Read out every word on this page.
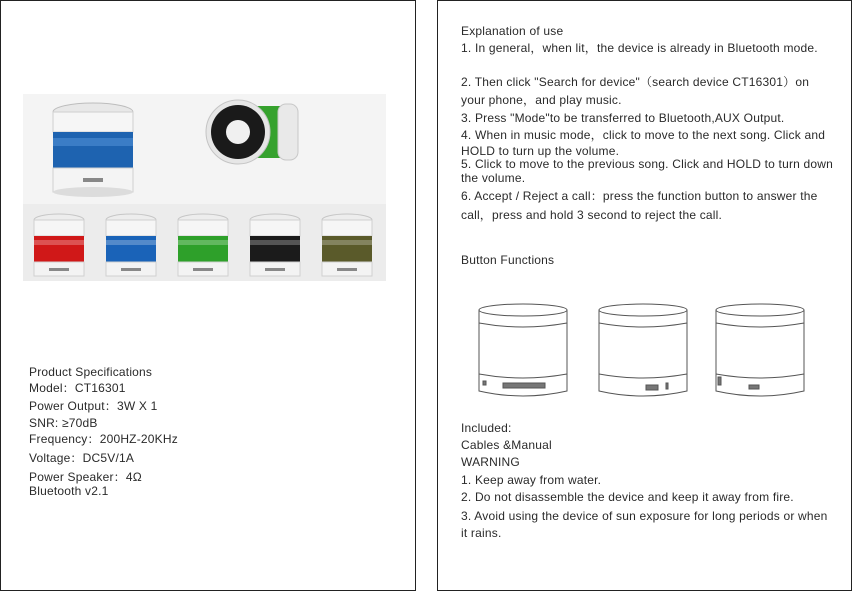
Product Specifications
Model：CT16301
Power Output：3W X 1
SNR: ≥70dB
Frequency：200HZ-20KHz
Voltage：DC5V/1A
Power Speaker：4Ω
Bluetooth v2.1
Explanation of use
1. In general，when lit，the device is already in Bluetooth mode.
2. Then click "Search for device"（search device CT16301）on your phone，and play music.
3. Press "Mode"to be transferred to Bluetooth,AUX Output.
4. When in music mode，click to move to the next song. Click and HOLD to turn up the volume.
5. Click to move to the previous song. Click and HOLD to turn down the volume.
6. Accept / Reject a call：press the function button to answer the call，press and hold 3 second to reject the call.
Button Functions
Included:
Cables &Manual
WARNING
1. Keep away from water.
2. Do not disassemble the device and keep it away from fire.
3. Avoid using the device of sun exposure for long periods or when it rains.
